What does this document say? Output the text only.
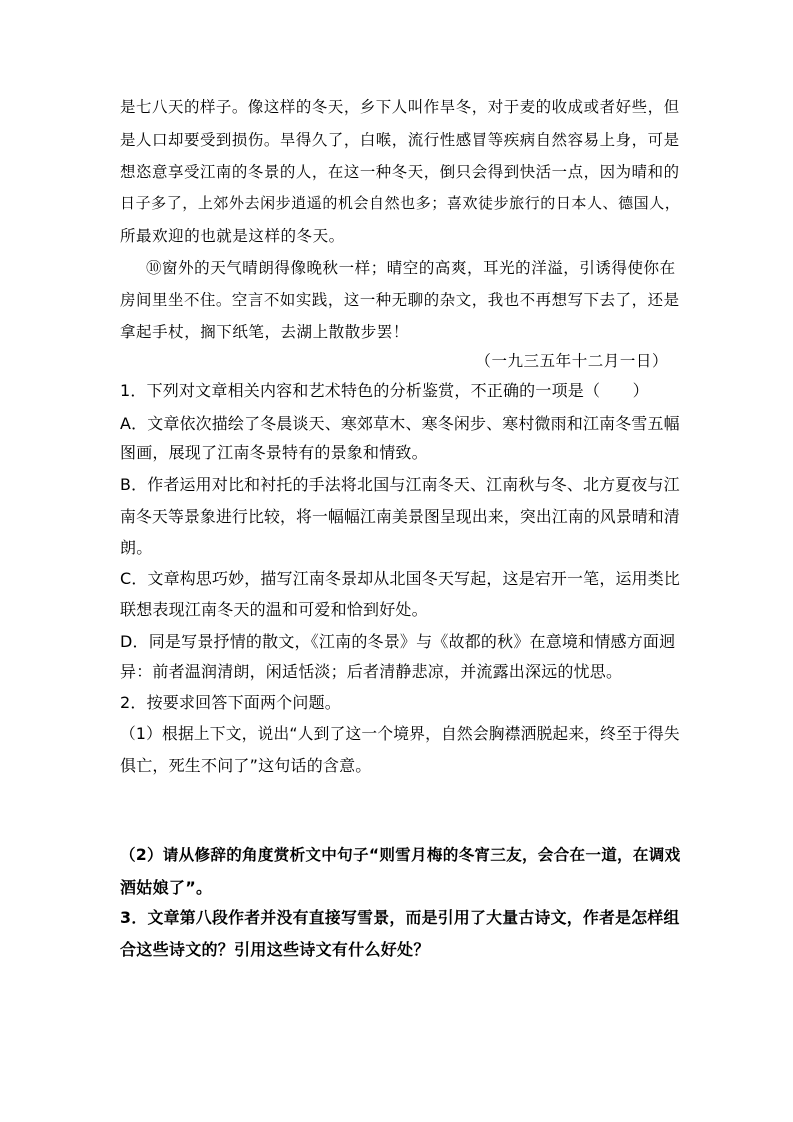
是七八天的样子。像这样的冬天，乡下人叫作旱冬，对于麦的收成或者好些，但
是人口却要受到损伤。旱得久了，白喉，流行性感冒等疾病自然容易上身，可是
想恣意享受江南的冬景的人，在这一种冬天，倒只会得到快活一点，因为晴和的
日子多了，上郊外去闲步逍遥的机会自然也多；喜欢徒步旅行的日本人、德国人，
所最欢迎的也就是这样的冬天。
⑩窗外的天气晴朗得像晚秋一样；晴空的高爽，耳光的洋溢，引诱得使你在
房间里坐不住。空言不如实践，这一种无聊的杂文，我也不再想写下去了，还是
拿起手杖，搁下纸笔，去湖上散散步罢！
（一九三五年十二月一日）
1．下列对文章相关内容和艺术特色的分析鉴赏，不正确的一项是（　　）
A．文章依次描绘了冬晨谈天、寒郊草木、寒冬闲步、寒村微雨和江南冬雪五幅
图画，展现了江南冬景特有的景象和情致。
B．作者运用对比和衬托的手法将北国与江南冬天、江南秋与冬、北方夏夜与江
南冬天等景象进行比较，将一幅幅江南美景图呈现出来，突出江南的风景晴和清
朗。
C．文章构思巧妙，描写江南冬景却从北国冬天写起，这是宕开一笔，运用类比
联想表现江南冬天的温和可爱和恰到好处。
D．同是写景抒情的散文，《江南的冬景》与《故都的秋》在意境和情感方面迥
异：前者温润清朗，闲适恬淡；后者清静悲凉，并流露出深远的忧思。
2．按要求回答下面两个问题。
（1）根据上下文，说出“人到了这一个境界，自然会胸襟洒脱起来，终至于得失
俱亡，死生不问了”这句话的含意。
（2）请从修辞的角度赏析文中句子“则雪月梅的冬宵三友，会合在一道，在调戏
酒姑娘了”。
3．文章第八段作者并没有直接写雪景，而是引用了大量古诗文，作者是怎样组
合这些诗文的？引用这些诗文有什么好处？
